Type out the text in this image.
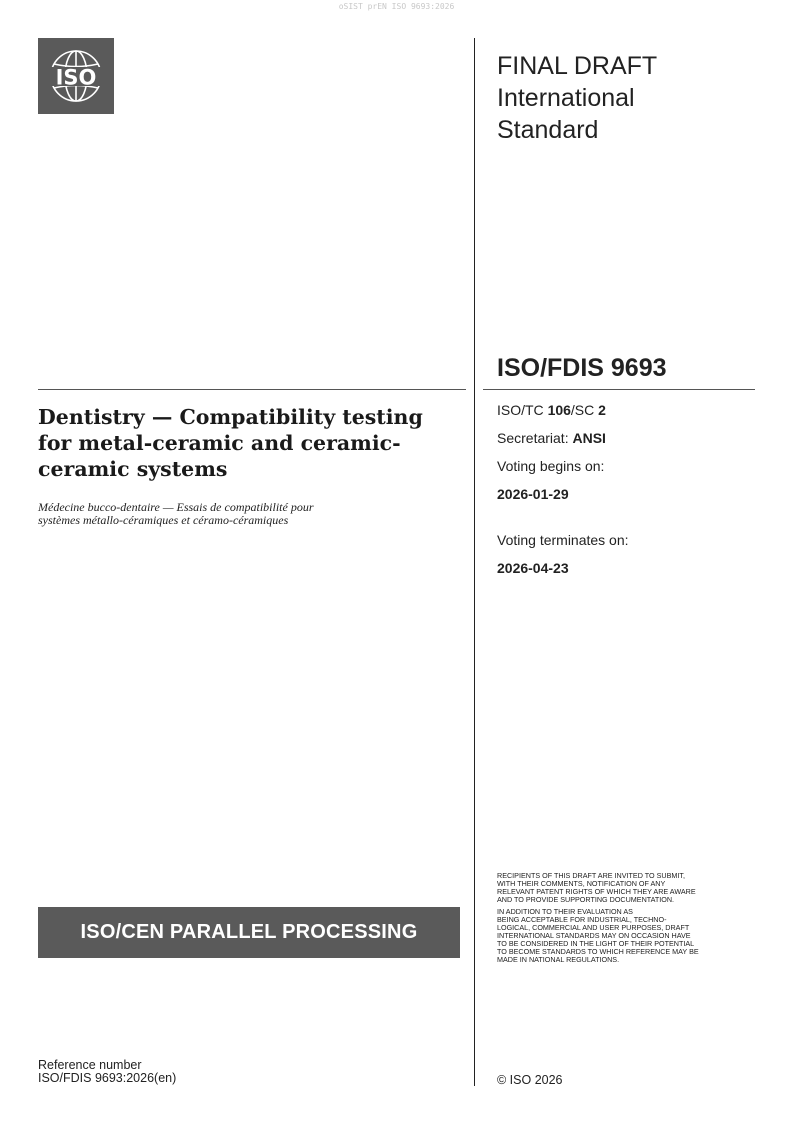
oSIST prEN ISO 9693:2026
ISO	FINAL DRAFT
International
Standard
ISO/FDIS 9693
ISO/TC 106/SC 2
Secretariat: ANSI
Voting begins on:
2026-01-29
Voting terminates on:
2026-04-23
Dentistry — Compatibility testing
for metal-ceramic and ceramic-
ceramic systems
Médecine bucco-dentaire — Essais de compatibilité pour
systèmes métallo-céramiques et céramo-céramiques
ISO/CEN PARALLEL PROCESSING
RECIPIENTS OF THIS DRAFT ARE INVITED TO SUBMIT,
WITH THEIR COMMENTS, NOTIFICATION OF ANY
RELEVANT PATENT RIGHTS OF WHICH THEY ARE AWARE
AND TO PROVIDE SUPPORTING DOCUMENTATION.
IN ADDITION TO THEIR EVALUATION AS
BEING ACCEPTABLE FOR INDUSTRIAL, TECHNO-
LOGICAL, COMMERCIAL AND USER PURPOSES, DRAFT
INTERNATIONAL STANDARDS MAY ON OCCASION HAVE
TO BE CONSIDERED IN THE LIGHT OF THEIR POTENTIAL
TO BECOME STANDARDS TO WHICH REFERENCE MAY BE
MADE IN NATIONAL REGULATIONS.
Reference number
ISO/FDIS 9693:2026(en)	© ISO 2026
